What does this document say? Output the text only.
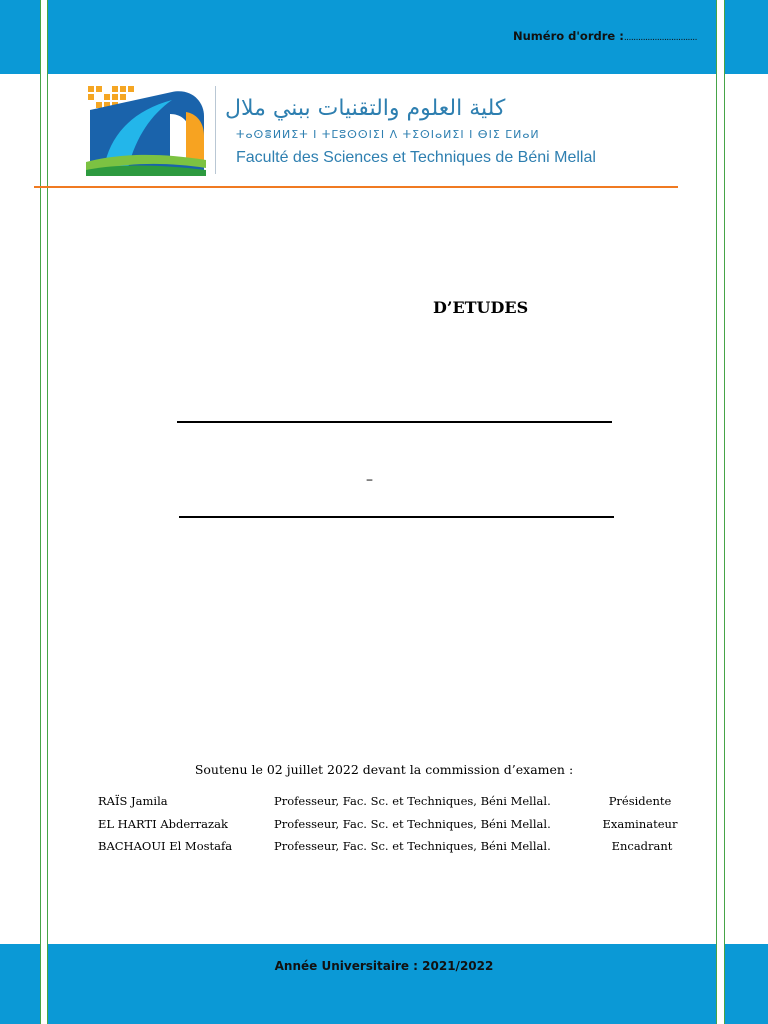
Numéro d'ordre :...............................
كلية العلوم والتقنيات ببني ملال
ⵜⴰⵙⴻⵍⵍⵉⵜ ⵏ ⵜⵎⵓⵙⵙⵏⵉⵏ ⴷ ⵜⵉⵙⵏⴰⵍⵉⵏ ⵏ ⴱⵏⵉ ⵎⵍⴰⵍ
Faculté des Sciences et Techniques de Béni Mellal
D’ETUDES
–
Soutenu le 02 juillet 2022 devant la commission d’examen :
RAÏS Jamila	Professeur, Fac. Sc. et Techniques, Béni Mellal.	Présidente
EL HARTI Abderrazak	Professeur, Fac. Sc. et Techniques, Béni Mellal.	Examinateur
BACHAOUI El Mostafa	Professeur, Fac. Sc. et Techniques, Béni Mellal.	Encadrant
Année Universitaire : 2021/2022
